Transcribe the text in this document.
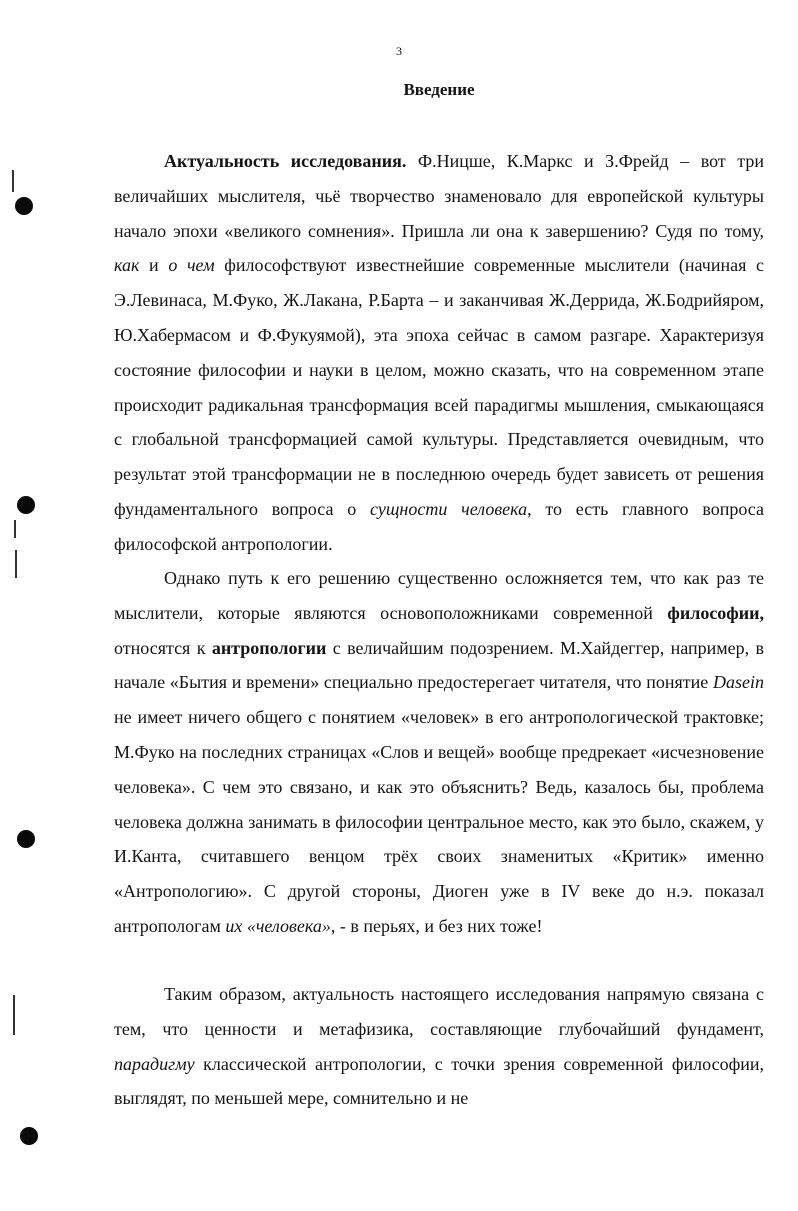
3
Введение

Актуальность исследования. Ф.Ницше, К.Маркс и З.Фрейд – вот три величайших мыслителя, чьё творчество знаменовало для европейской культуры начало эпохи «великого сомнения». Пришла ли она к завершению? Судя по тому, как и о чем философствуют известнейшие современные мыслители (начиная с Э.Левинаса, М.Фуко, Ж.Лакана, Р.Барта – и заканчивая Ж.Деррида, Ж.Бодрийяром, Ю.Хабермасом и Ф.Фукуямой), эта эпоха сейчас в самом разгаре. Характеризуя состояние философии и науки в целом, можно сказать, что на современном этапе происходит радикальная трансформация всей парадигмы мышления, смыкающаяся с глобальной трансформацией самой культуры. Представляется очевидным, что результат этой трансформации не в последнюю очередь будет зависеть от решения фундаментального вопроса о сущности человека, то есть главного вопроса философской антропологии.

Однако путь к его решению существенно осложняется тем, что как раз те мыслители, которые являются основоположниками современной философии, относятся к антропологии с величайшим подозрением. М.Хайдеггер, например, в начале «Бытия и времени» специально предостерегает читателя, что понятие Dasein не имеет ничего общего с понятием «человек» в его антропологической трактовке; М.Фуко на последних страницах «Слов и вещей» вообще предрекает «исчезновение человека». С чем это связано, и как это объяснить? Ведь, казалось бы, проблема человека должна занимать в философии центральное место, как это было, скажем, у И.Канта, считавшего венцом трёх своих знаменитых «Критик» именно «Антропологию». С другой стороны, Диоген уже в IV веке до н.э. показал антропологам их «человека», - в перьях, и без них тоже!

Таким образом, актуальность настоящего исследования напрямую связана с тем, что ценности и метафизика, составляющие глубочайший фундамент, парадигму классической антропологии, с точки зрения современной философии, выглядят, по меньшей мере, сомнительно и не
